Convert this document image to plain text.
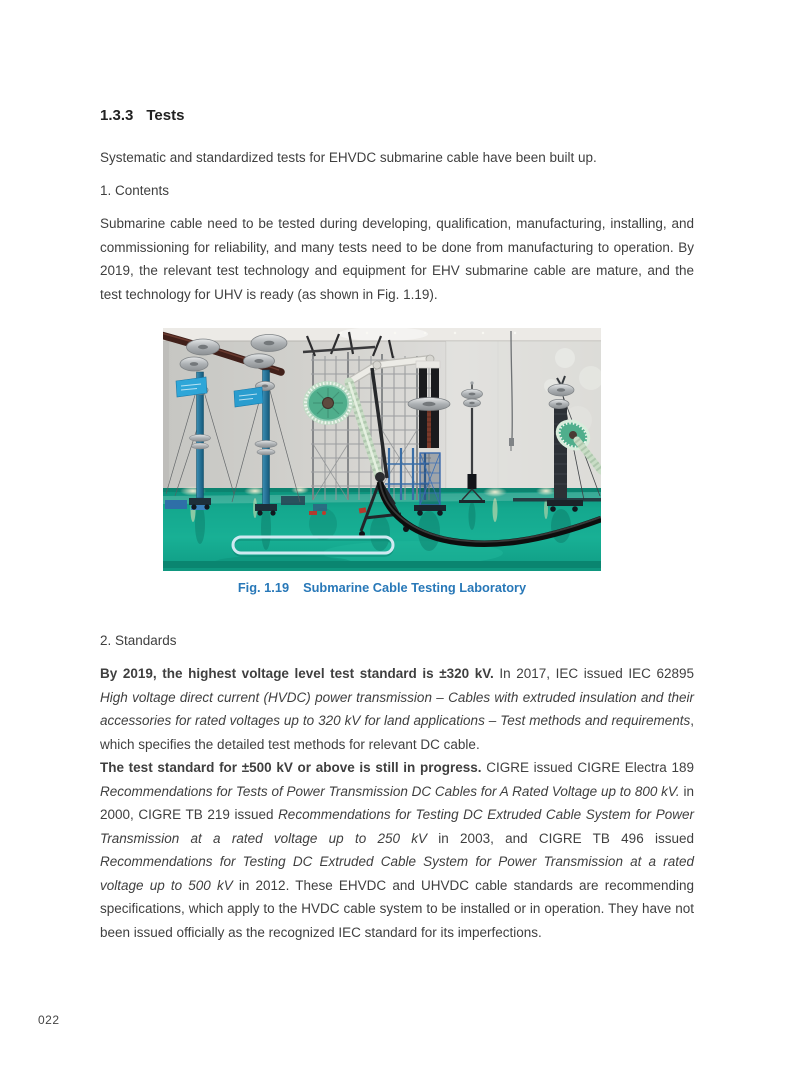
1.3.3 Tests

Systematic and standardized tests for EHVDC submarine cable have been built up.

1. Contents

Submarine cable need to be tested during developing, qualification, manufacturing, installing, and commissioning for reliability, and many tests need to be done from manufacturing to operation. By 2019, the relevant test technology and equipment for EHV submarine cable are mature, and the test technology for UHV is ready (as shown in Fig. 1.19).

Fig. 1.19 Submarine Cable Testing Laboratory

2. Standards

By 2019, the highest voltage level test standard is ±320 kV. In 2017, IEC issued IEC 62895 High voltage direct current (HVDC) power transmission – Cables with extruded insulation and their accessories for rated voltages up to 320 kV for land applications – Test methods and requirements, which specifies the detailed test methods for relevant DC cable.

The test standard for ±500 kV or above is still in progress. CIGRE issued CIGRE Electra 189 Recommendations for Tests of Power Transmission DC Cables for A Rated Voltage up to 800 kV. in 2000, CIGRE TB 219 issued Recommendations for Testing DC Extruded Cable System for Power Transmission at a rated voltage up to 250 kV in 2003, and CIGRE TB 496 issued Recommendations for Testing DC Extruded Cable System for Power Transmission at a rated voltage up to 500 kV in 2012. These EHVDC and UHVDC cable standards are recommending specifications, which apply to the HVDC cable system to be installed or in operation. They have not been issued officially as the recognized IEC standard for its imperfections.

022
